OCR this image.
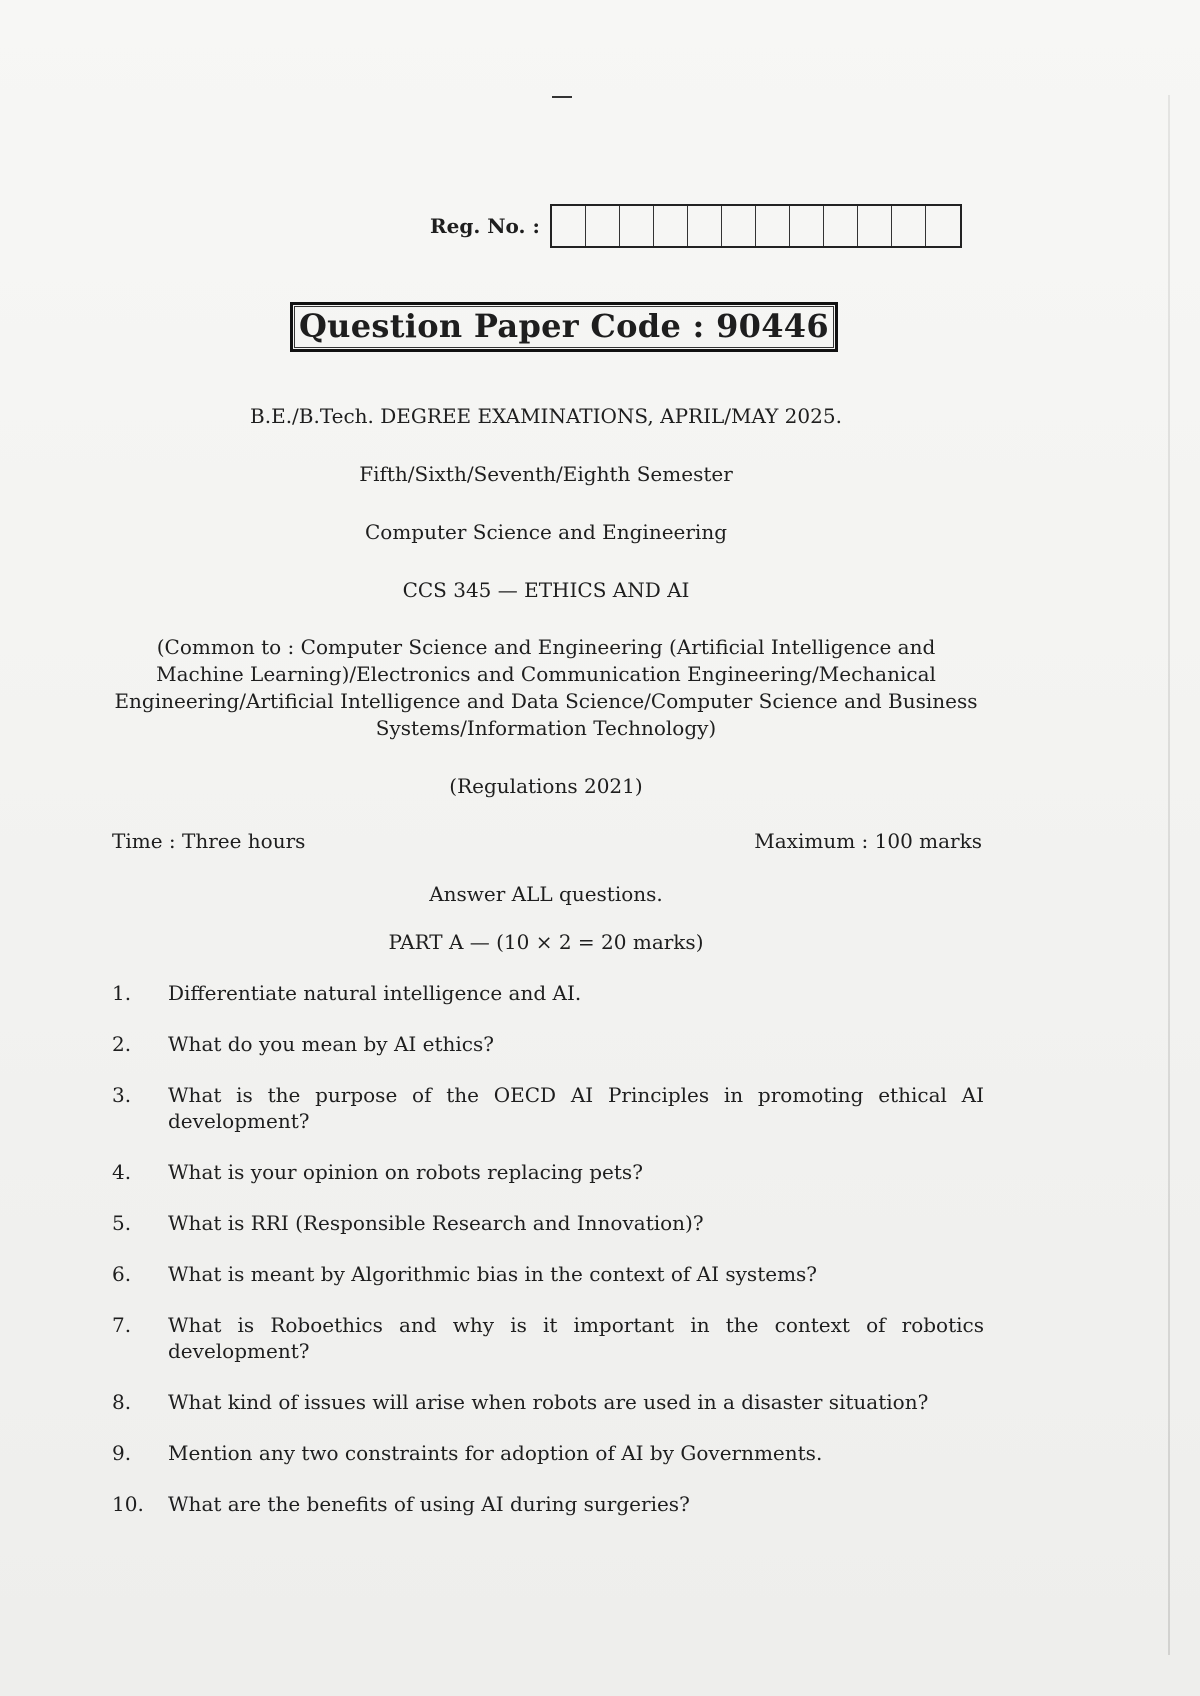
Reg. No. :
Question Paper Code : 90446
B.E./B.Tech. DEGREE EXAMINATIONS, APRIL/MAY 2025.
Fifth/Sixth/Seventh/Eighth Semester
Computer Science and Engineering
CCS 345 — ETHICS AND AI
(Common to : Computer Science and Engineering (Artificial Intelligence and
Machine Learning)/Electronics and Communication Engineering/Mechanical
Engineering/Artificial Intelligence and Data Science/Computer Science and Business
Systems/Information Technology)
(Regulations 2021)
Time : Three hours	Maximum : 100 marks
Answer ALL questions.
PART A — (10 × 2 = 20 marks)
1.	Differentiate natural intelligence and AI.
2.	What do you mean by AI ethics?
3.	What is the purpose of the OECD AI Principles in promoting ethical AI development?
4.	What is your opinion on robots replacing pets?
5.	What is RRI (Responsible Research and Innovation)?
6.	What is meant by Algorithmic bias in the context of AI systems?
7.	What is Roboethics and why is it important in the context of robotics development?
8.	What kind of issues will arise when robots are used in a disaster situation?
9.	Mention any two constraints for adoption of AI by Governments.
10.	What are the benefits of using AI during surgeries?
